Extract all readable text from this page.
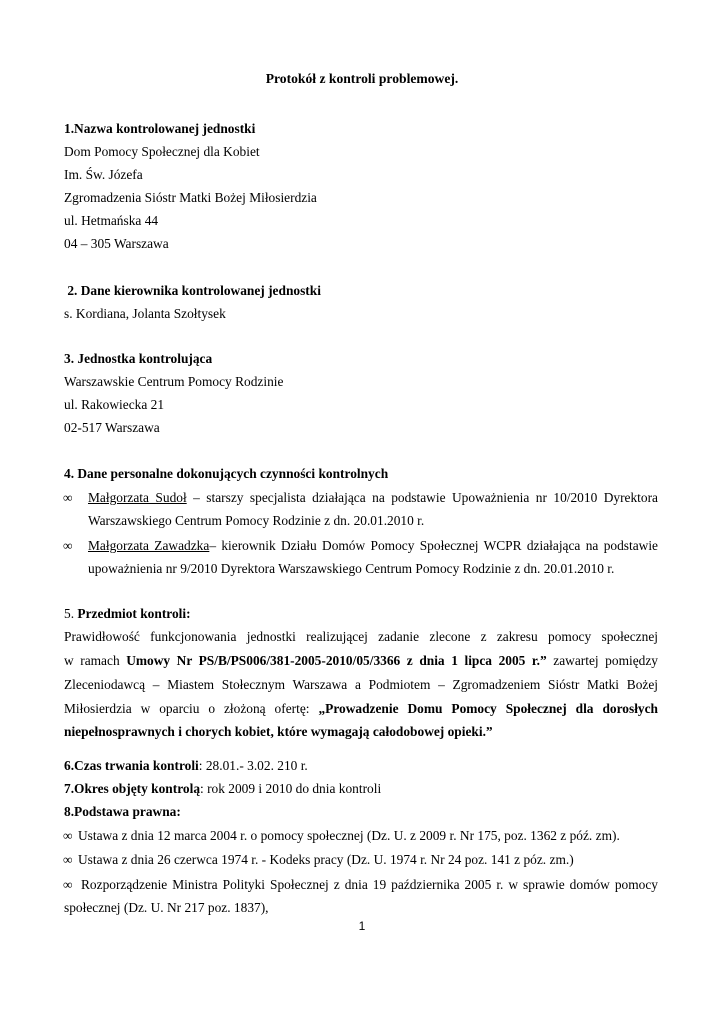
Protokół z kontroli problemowej.
1.Nazwa kontrolowanej jednostki
Dom Pomocy Społecznej dla Kobiet
Im. Św. Józefa
Zgromadzenia Sióstr Matki Bożej Miłosierdzia
ul. Hetmańska 44
04 – 305 Warszawa
2. Dane kierownika kontrolowanej jednostki
s. Kordiana, Jolanta Szołtysek
3. Jednostka kontrolująca
Warszawskie Centrum Pomocy Rodzinie
ul. Rakowiecka 21
02-517 Warszawa
4. Dane personalne dokonujących czynności kontrolnych
∞ Małgorzata Sudoł – starszy specjalista działająca na podstawie Upoważnienia nr 10/2010 Dyrektora
Warszawskiego Centrum Pomocy Rodzinie z dn. 20.01.2010 r.
∞ Małgorzata Zawadzka– kierownik Działu Domów Pomocy Społecznej WCPR działająca na podstawie
upoważnienia nr 9/2010 Dyrektora Warszawskiego Centrum Pomocy Rodzinie z dn. 20.01.2010 r.
5. Przedmiot kontroli:
Prawidłowość funkcjonowania jednostki realizującej zadanie zlecone z zakresu pomocy społecznej
w ramach Umowy Nr PS/B/PS006/381-2005-2010/05/3366 z dnia 1 lipca 2005 r.” zawartej pomiędzy
Zleceniodawcą – Miastem Stołecznym Warszawa a Podmiotem – Zgromadzeniem Sióstr Matki Bożej
Miłosierdzia w oparciu o złożoną ofertę: „Prowadzenie Domu Pomocy Społecznej dla dorosłych
niepełnosprawnych i chorych kobiet, które wymagają całodobowej opieki.”
6.Czas trwania kontroli: 28.01.- 3.02. 210 r.
7.Okres objęty kontrolą: rok 2009 i 2010 do dnia kontroli
8.Podstawa prawna:
∞ Ustawa z dnia 12 marca 2004 r. o pomocy społecznej (Dz. U. z 2009 r. Nr 175, poz. 1362 z póź. zm).
∞ Ustawa z dnia 26 czerwca 1974 r. - Kodeks pracy (Dz. U. 1974 r. Nr 24 poz. 141 z póz. zm.)
∞ Rozporządzenie Ministra Polityki Społecznej z dnia 19 października 2005 r. w sprawie domów pomocy
społecznej (Dz. U. Nr 217 poz. 1837),
1
